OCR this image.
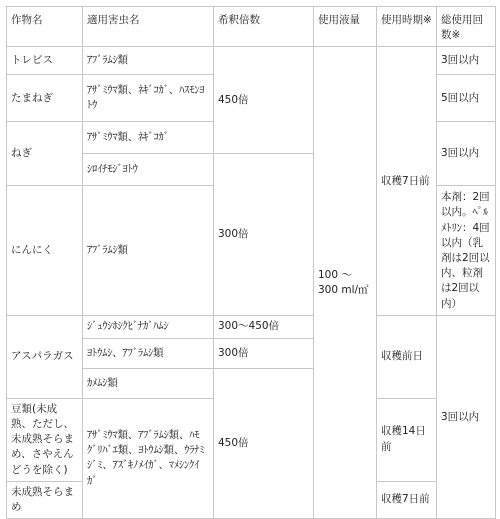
作物名	適用害虫名	希釈倍数	使用液量	使用時期※	総使用回数※
トレビス	ｱﾌﾞﾗﾑｼ類	450倍	100 ～ 300 ml/㎡	収穫7日前	3回以内
たまねぎ	ｱｻﾞﾐｳﾏ類、ﾈｷﾞｺｶﾞ、ﾊｽﾓﾝﾖﾄｳ				5回以内
ねぎ	ｱｻﾞﾐｳﾏ類、ﾈｷﾞｺｶﾞ				3回以内
	ｼﾛｲﾁﾓｼﾞﾖﾄｳ	300倍			
にんにく	ｱﾌﾞﾗﾑｼ類				本剤：2回以内。ﾍﾟﾙﾒﾄﾘﾝ：4回以内（乳剤は2回以内、粒剤は2回以内）
アスパラガス	ｼﾞｭｳｼﾎｼｸﾋﾞﾅｶﾞﾊﾑｼ	300～450倍		収穫前日	3回以内
	ﾖﾄｳﾑｼ、ｱﾌﾞﾗﾑｼ類	300倍			
	ｶﾒﾑｼ類	450倍			
豆類(未成熟、ただし、未成熟そらまめ、さやえんどうを除く)	ｱｻﾞﾐｳﾏ類、ｱﾌﾞﾗﾑｼ類、ﾊﾓｸﾞﾘﾊﾞｴ類、ﾖﾄｳﾑｼ類、ｳﾗﾅﾐｼﾞﾐ、ｱｽﾞｷﾉﾒｲｶﾞ、ﾏﾒｼﾝｸｲｶﾞ			収穫14日前	
未成熟そらまめ				収穫7日前	
